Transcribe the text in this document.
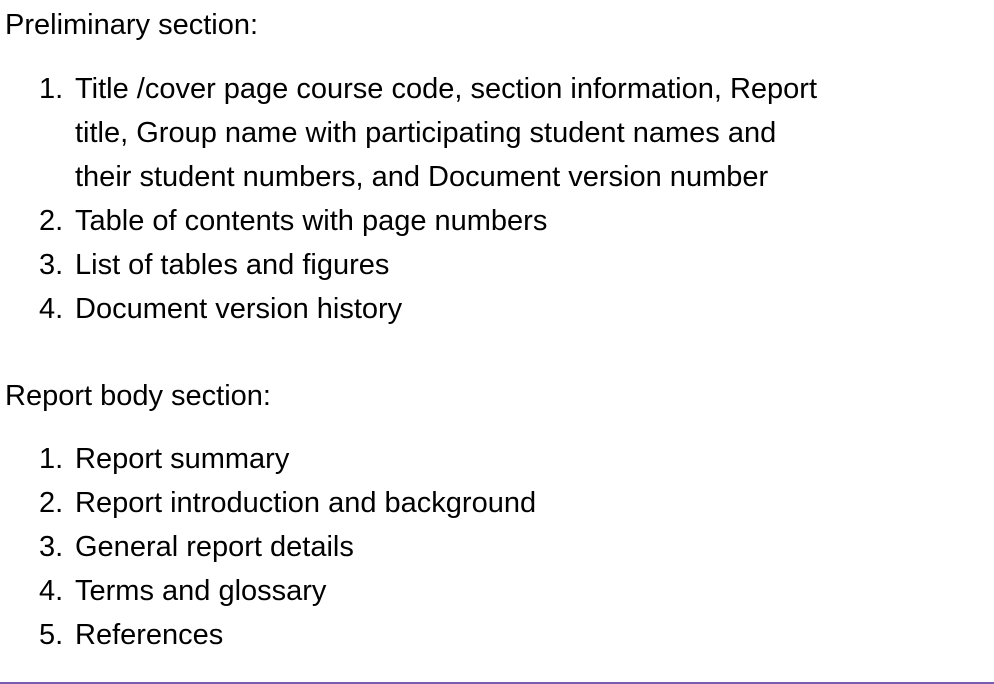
Preliminary section:
1. Title /cover page course code, section information, Report
title, Group name with participating student names and
their student numbers, and Document version number
2. Table of contents with page numbers
3. List of tables and figures
4. Document version history
Report body section:
1. Report summary
2. Report introduction and background
3. General report details
4. Terms and glossary
5. References
